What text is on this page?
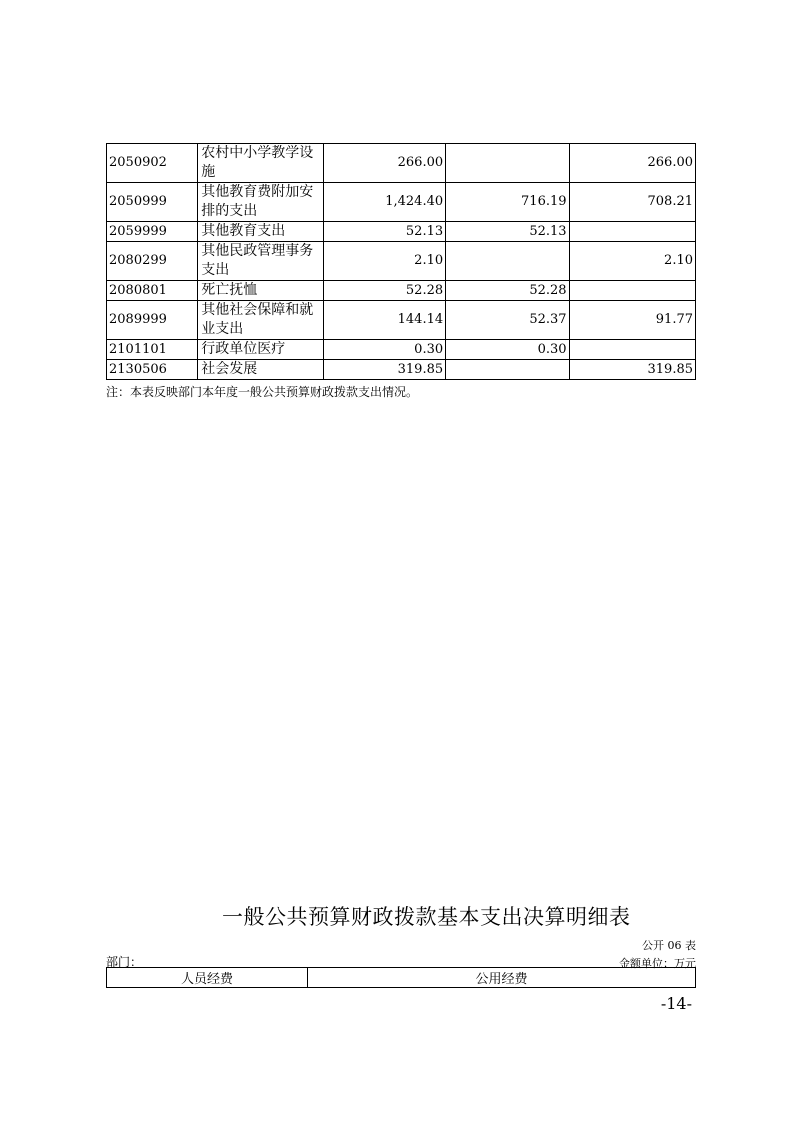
2050902	农村中小学教学设施	266.00		266.00
2050999	其他教育费附加安排的支出	1,424.40	716.19	708.21
2059999	其他教育支出	52.13	52.13	
2080299	其他民政管理事务支出	2.10		2.10
2080801	死亡抚恤	52.28	52.28	
2089999	其他社会保障和就业支出	144.14	52.37	91.77
2101101	行政单位医疗	0.30	0.30	
2130506	社会发展	319.85		319.85
注：本表反映部门本年度一般公共预算财政拨款支出情况。
一般公共预算财政拨款基本支出决算明细表
公开 06 表
部门：	金额单位：万元
人员经费	公用经费
-14-
